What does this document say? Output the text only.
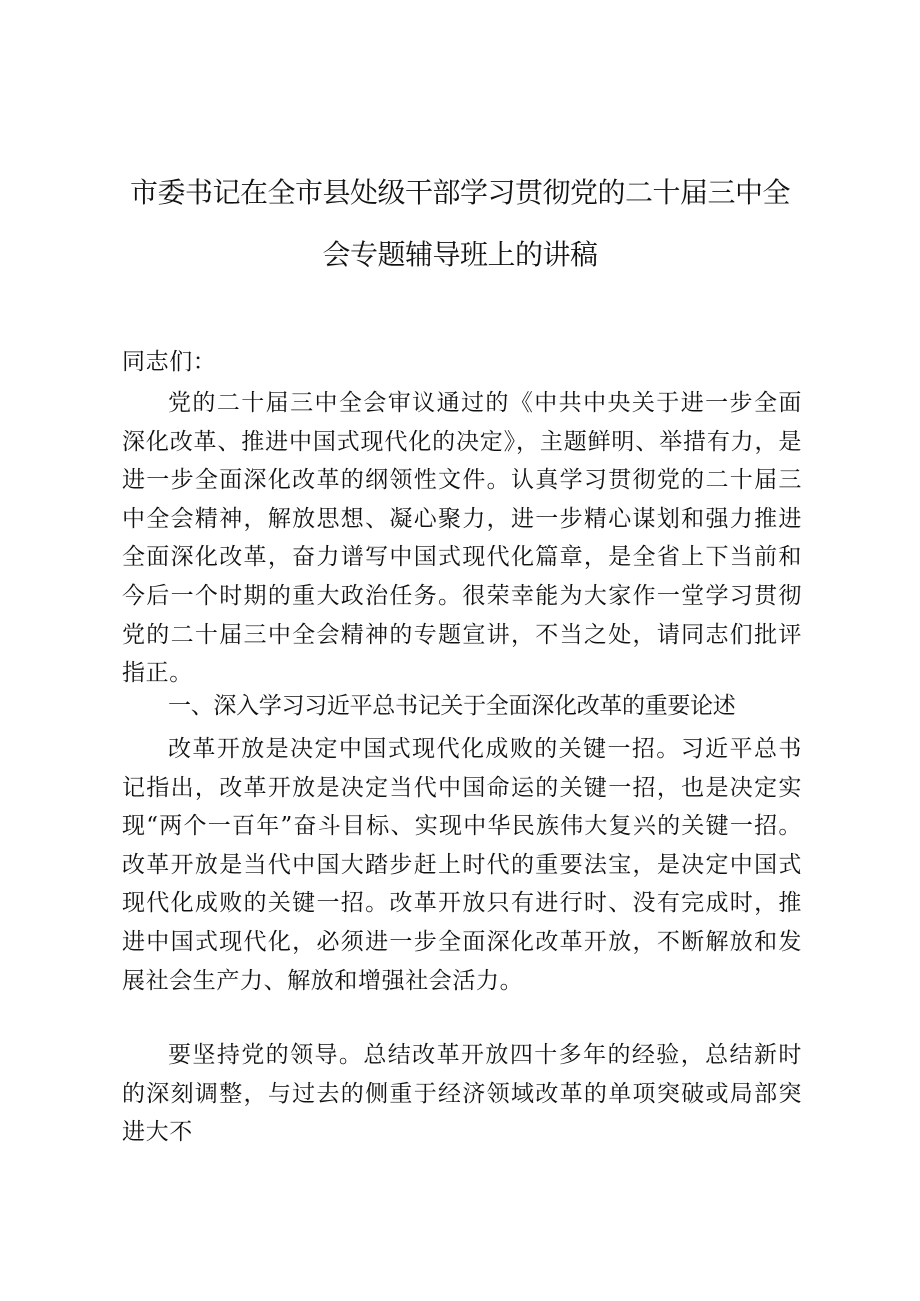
市委书记在全市县处级干部学习贯彻党的二十届三中全
会专题辅导班上的讲稿
同志们：
党的二十届三中全会审议通过的《中共中央关于进一步全面深化改革、推进中国式现代化的决定》，主题鲜明、举措有力，是进一步全面深化改革的纲领性文件。认真学习贯彻党的二十届三中全会精神，解放思想、凝心聚力，进一步精心谋划和强力推进全面深化改革，奋力谱写中国式现代化篇章，是全省上下当前和今后一个时期的重大政治任务。很荣幸能为大家作一堂学习贯彻党的二十届三中全会精神的专题宣讲，不当之处，请同志们批评指正。
一、深入学习习近平总书记关于全面深化改革的重要论述
改革开放是决定中国式现代化成败的关键一招。习近平总书记指出，改革开放是决定当代中国命运的关键一招，也是决定实现“两个一百年”奋斗目标、实现中华民族伟大复兴的关键一招。改革开放是当代中国大踏步赶上时代的重要法宝，是决定中国式现代化成败的关键一招。改革开放只有进行时、没有完成时，推进中国式现代化，必须进一步全面深化改革开放，不断解放和发展社会生产力、解放和增强社会活力。
要坚持党的领导。总结改革开放四十多年的经验，总结新时的深刻调整，与过去的侧重于经济领域改革的单项突破或局部突进大不
